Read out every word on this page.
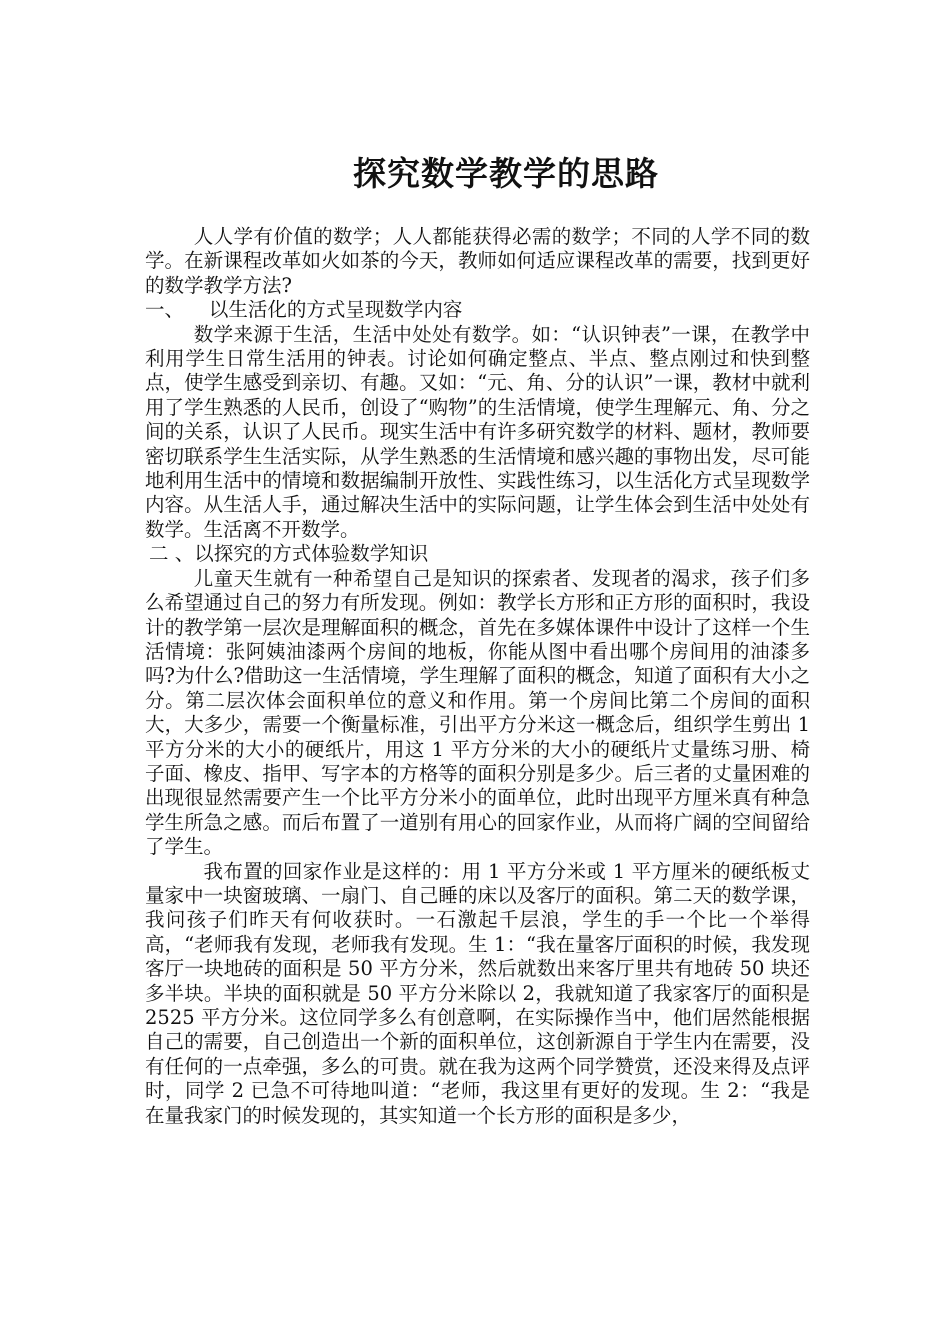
探究数学教学的思路

人人学有价值的数学；人人都能获得必需的数学；不同的人学不同的数学。在新课程改革如火如茶的今天，教师如何适应课程改革的需要，找到更好的数学教学方法?

一、 以生活化的方式呈现数学内容

数学来源于生活，生活中处处有数学。如：“认识钟表”一课，在教学中利用学生日常生活用的钟表。讨论如何确定整点、半点、整点刚过和快到整点，使学生感受到亲切、有趣。又如：“元、角、分的认识”一课，教材中就利用了学生熟悉的人民币，创设了“购物”的生活情境，使学生理解元、角、分之间的关系，认识了人民币。现实生活中有许多研究数学的材料、题材，教师要密切联系学生生活实际，从学生熟悉的生活情境和感兴趣的事物出发，尽可能地利用生活中的情境和数据编制开放性、实践性练习，以生活化方式呈现数学内容。从生活人手，通过解决生活中的实际问题，让学生体会到生活中处处有数学。生活离不开数学。

二 、以探究的方式体验数学知识

儿童天生就有一种希望自己是知识的探索者、发现者的渴求，孩子们多么希望通过自己的努力有所发现。例如：教学长方形和正方形的面积时，我设计的教学第一层次是理解面积的概念，首先在多媒体课件中设计了这样一个生活情境：张阿姨油漆两个房间的地板，你能从图中看出哪个房间用的油漆多吗?为什么?借助这一生活情境，学生理解了面积的概念，知道了面积有大小之分。第二层次体会面积单位的意义和作用。第一个房间比第二个房间的面积大，大多少，需要一个衡量标准，引出平方分米这一概念后，组织学生剪出 1 平方分米的大小的硬纸片，用这 1 平方分米的大小的硬纸片丈量练习册、椅子面、橡皮、指甲、写字本的方格等的面积分别是多少。后三者的丈量困难的出现很显然需要产生一个比平方分米小的面单位，此时出现平方厘米真有种急学生所急之感。而后布置了一道别有用心的回家作业，从而将广阔的空间留给了学生。

我布置的回家作业是这样的：用 1 平方分米或 1 平方厘米的硬纸板丈量家中一块窗玻璃、一扇门、自己睡的床以及客厅的面积。第二天的数学课，我问孩子们昨天有何收获时。一石激起千层浪，学生的手一个比一个举得高，“老师我有发现，老师我有发现。生 1：“我在量客厅面积的时候，我发现客厅一块地砖的面积是 50 平方分米，然后就数出来客厅里共有地砖 50 块还多半块。半块的面积就是 50 平方分米除以 2，我就知道了我家客厅的面积是 2525 平方分米。这位同学多么有创意啊，在实际操作当中，他们居然能根据自己的需要，自己创造出一个新的面积单位，这创新源自于学生内在需要，没有任何的一点牵强，多么的可贵。就在我为这两个同学赞赏，还没来得及点评时，同学 2 已急不可待地叫道：“老师，我这里有更好的发现。生 2：“我是在量我家门的时候发现的，其实知道一个长方形的面积是多少，
